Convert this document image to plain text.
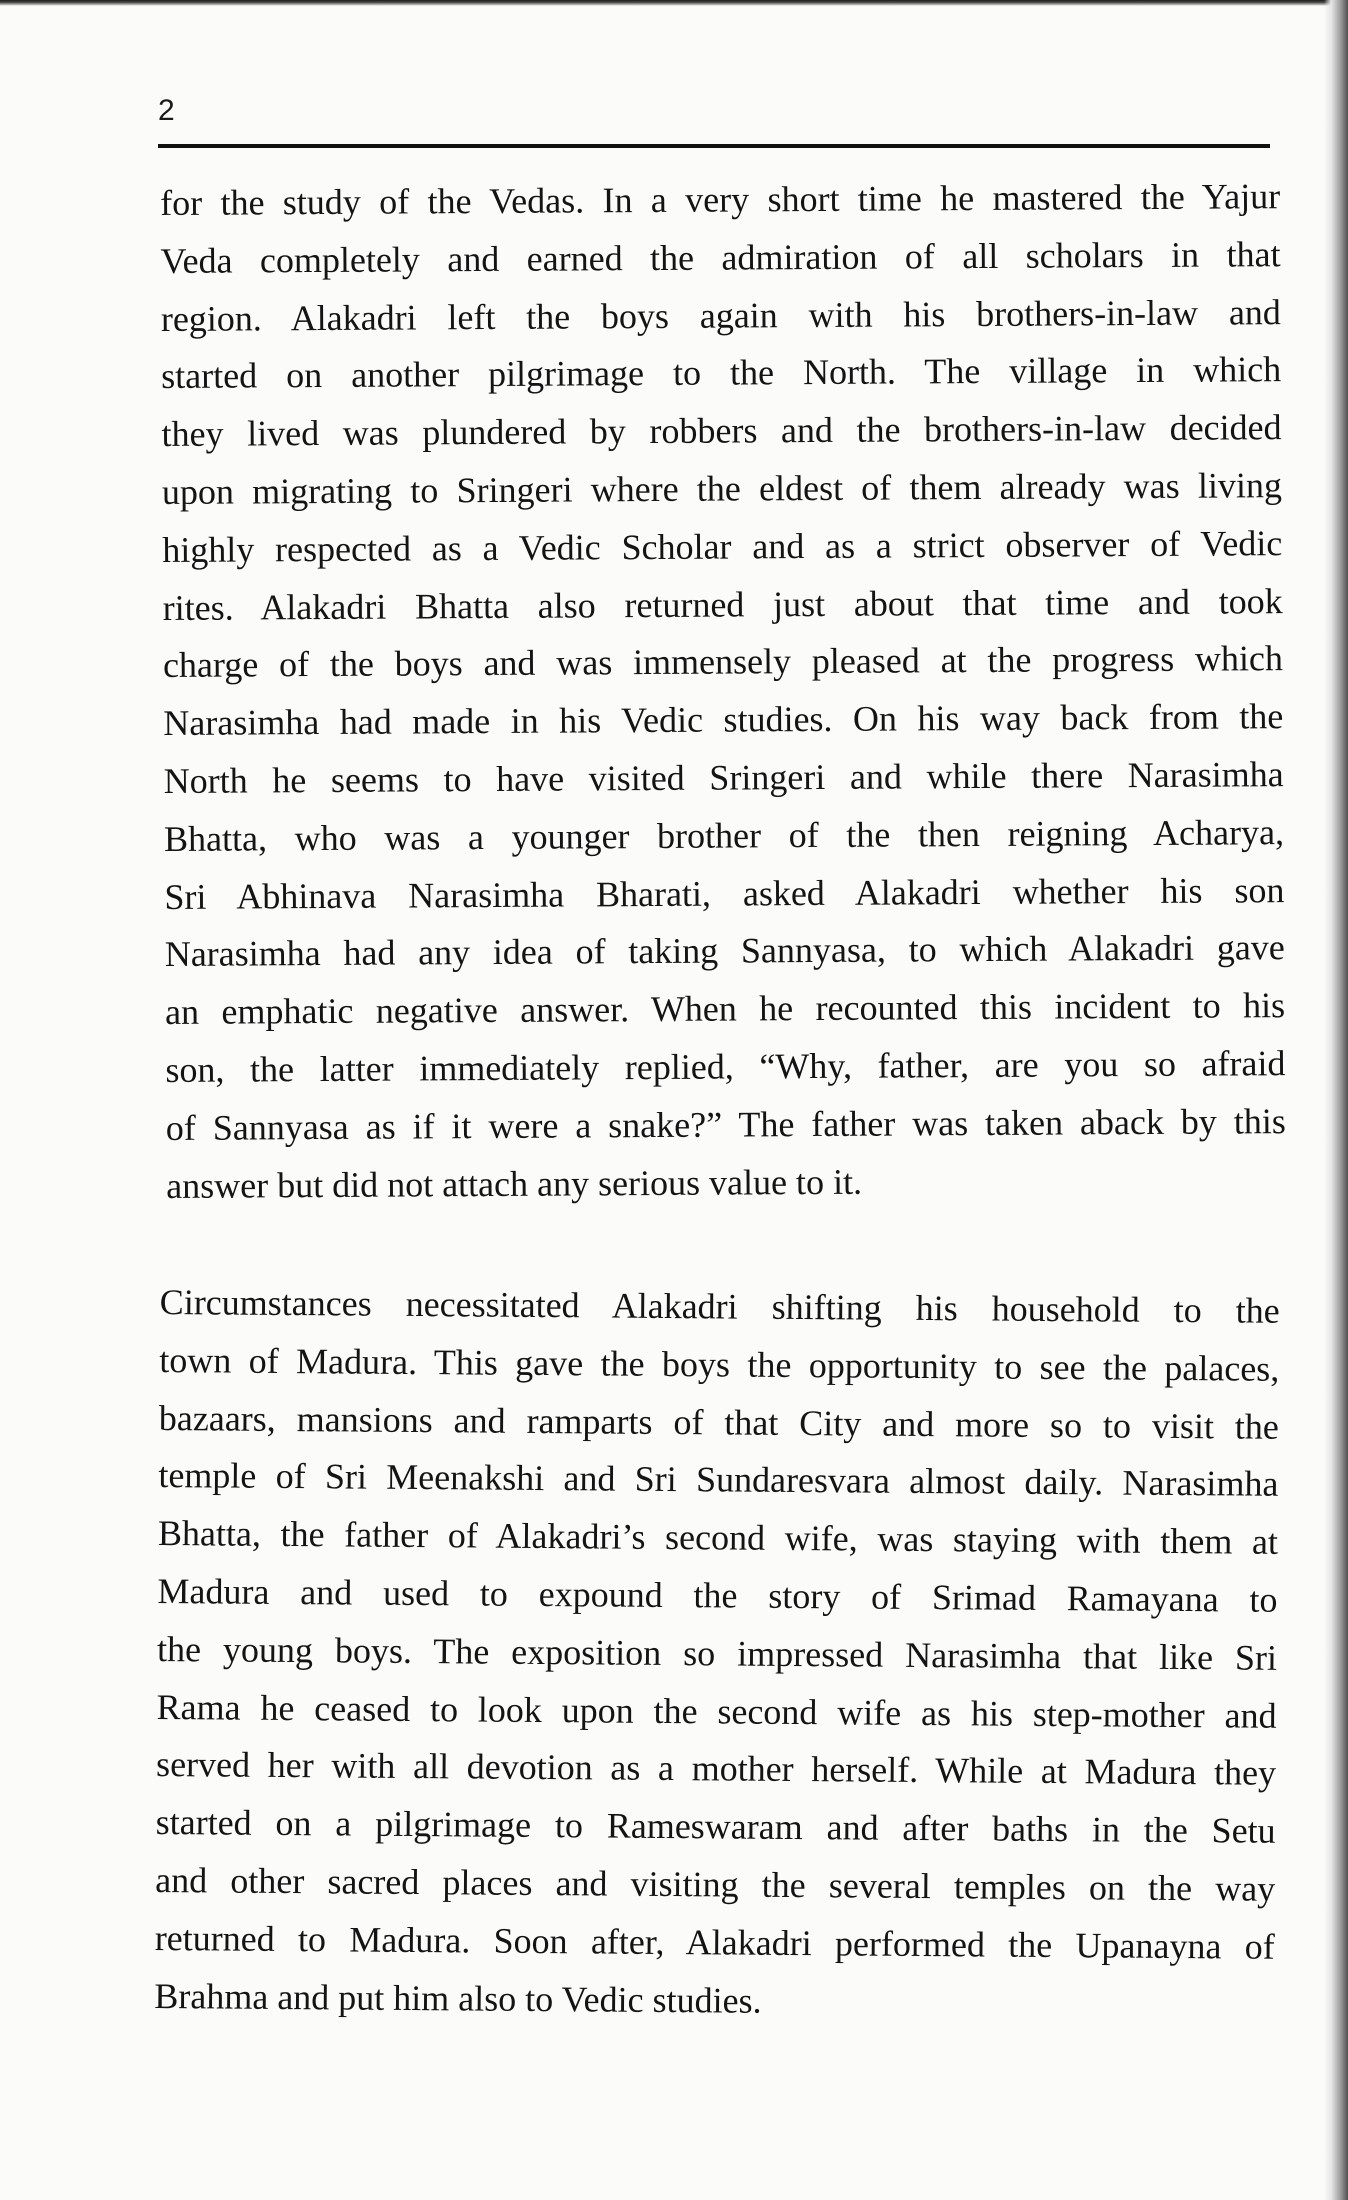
2
for the study of the Vedas. In a very short time he mastered the Yajur
Veda completely and earned the admiration of all scholars in that
region. Alakadri left the boys again with his brothers-in-law and
started on another pilgrimage to the North. The village in which
they lived was plundered by robbers and the brothers-in-law decided
upon migrating to Sringeri where the eldest of them already was living
highly respected as a Vedic Scholar and as a strict observer of Vedic
rites. Alakadri Bhatta also returned just about that time and took
charge of the boys and was immensely pleased at the progress which
Narasimha had made in his Vedic studies. On his way back from the
North he seems to have visited Sringeri and while there Narasimha
Bhatta, who was a younger brother of the then reigning Acharya,
Sri Abhinava Narasimha Bharati, asked Alakadri whether his son
Narasimha had any idea of taking Sannyasa, to which Alakadri gave
an emphatic negative answer. When he recounted this incident to his
son, the latter immediately replied, “Why, father, are you so afraid
of Sannyasa as if it were a snake?” The father was taken aback by this
answer but did not attach any serious value to it.
Circumstances necessitated Alakadri shifting his household to the
town of Madura. This gave the boys the opportunity to see the palaces,
bazaars, mansions and ramparts of that City and more so to visit the
temple of Sri Meenakshi and Sri Sundaresvara almost daily. Narasimha
Bhatta, the father of Alakadri’s second wife, was staying with them at
Madura and used to expound the story of Srimad Ramayana to
the young boys. The exposition so impressed Narasimha that like Sri
Rama he ceased to look upon the second wife as his step-mother and
served her with all devotion as a mother herself. While at Madura they
started on a pilgrimage to Rameswaram and after baths in the Setu
and other sacred places and visiting the several temples on the way
returned to Madura. Soon after, Alakadri performed the Upanayna of
Brahma and put him also to Vedic studies.
